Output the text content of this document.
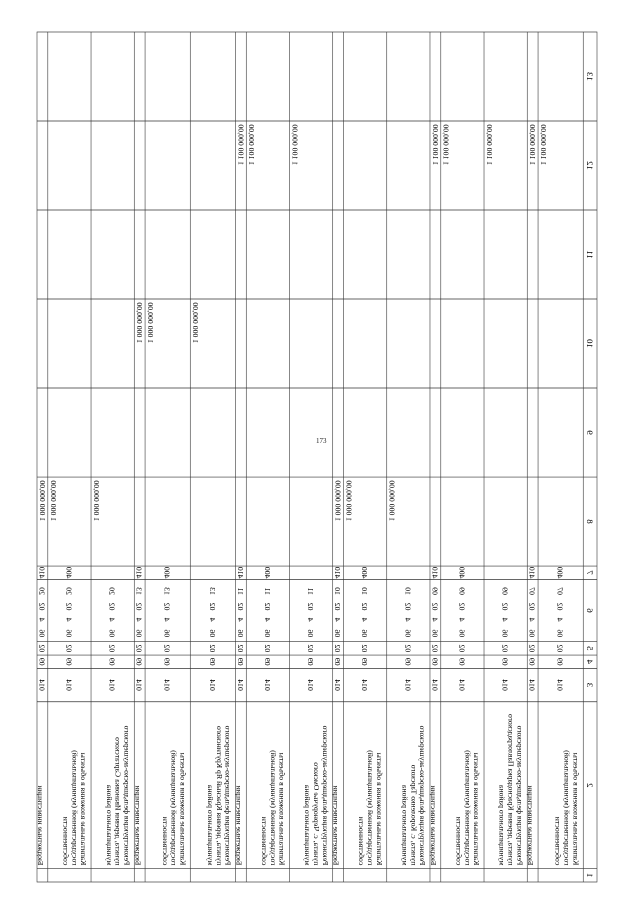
173
1
2
3
4
5
6
7
8
9
10
11
12
13
Капитальные вложения в объекты
государственной (муниципальной)
собственности
014
09
02
06
4
02
07
400
1 100 000,00
Бюджетные инвестиции
014
09
02
06
4
02
07
410
1 100 000,00
Реконструкция фельдшерско-акушерского
пункта, деревня Краснодарка Павлоградского
муниципального района
014
09
02
06
4
02
09
1 100 000,00
Капитальные вложения в объекты
государственной (муниципальной)
собственности
014
09
02
06
4
02
09
400
1 100 000,00
Бюджетные инвестиции
014
09
02
06
4
02
09
410
1 100 000,00
Реконструкция фельдшерско-акушерского
пункта, с. Короленко Тарского
муниципального района
014
09
02
06
4
02
10
1 000 000,00
Капитальные вложения в объекты
государственной (муниципальной)
собственности
014
09
02
06
4
02
10
400
1 000 000,00
Бюджетные инвестиции
014
09
02
06
4
02
10
410
1 000 000,00
Реконструкция фельдшерско-акушерского
пункта, с. Черноручье Омского
муниципального района
014
09
02
06
4
02
11
1 100 000,00
Капитальные вложения в объекты
государственной (муниципальной)
собственности
014
09
02
06
4
02
11
400
1 100 000,00
Бюджетные инвестиции
014
09
02
06
4
02
11
410
1 100 000,00
Реконструкция фельдшерско-акушерского
пункта, деревня Красный Яр Крутинского
муниципального района
014
09
02
06
4
02
13
1 000 000,00
Капитальные вложения в объекты
государственной (муниципальной)
собственности
014
09
02
06
4
02
13
400
1 000 000,00
Бюджетные инвестиции
014
09
02
06
4
02
13
410
1 000 000,00
Реконструкция фельдшерско-акушерского
пункта, деревня Ивановка Саргатского
муниципального района
014
09
02
06
4
02
20
1 000 000,00
Капитальные вложения в объекты
государственной (муниципальной)
собственности
014
09
02
06
4
02
20
400
1 000 000,00
Бюджетные инвестиции
014
09
02
06
4
02
20
410
1 000 000,00
